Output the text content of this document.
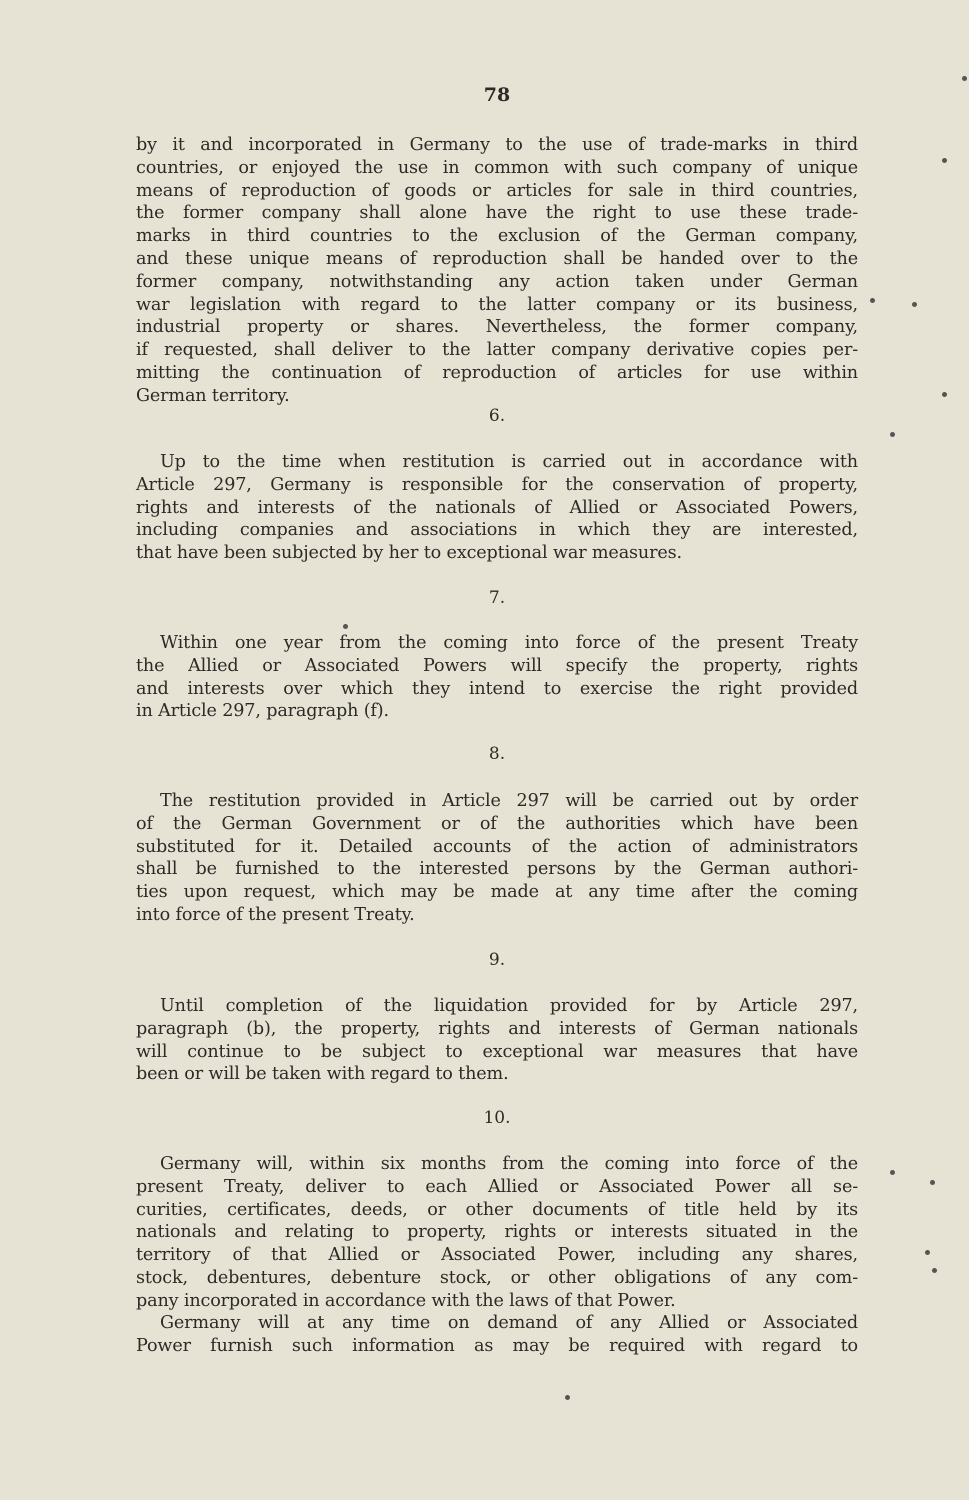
78
by it and incorporated in Germany to the use of trade-marks in third
countries, or enjoyed the use in common with such company of unique
means of reproduction of goods or articles for sale in third countries,
the former company shall alone have the right to use these trade-
marks in third countries to the exclusion of the German company,
and these unique means of reproduction shall be handed over to the
former company, notwithstanding any action taken under German
war legislation with regard to the latter company or its business,
industrial property or shares. Nevertheless, the former company,
if requested, shall deliver to the latter company derivative copies per-
mitting the continuation of reproduction of articles for use within
German territory.
6.
Up to the time when restitution is carried out in accordance with
Article 297, Germany is responsible for the conservation of property,
rights and interests of the nationals of Allied or Associated Powers,
including companies and associations in which they are interested,
that have been subjected by her to exceptional war measures.
7.
Within one year from the coming into force of the present Treaty
the Allied or Associated Powers will specify the property, rights
and interests over which they intend to exercise the right provided
in Article 297, paragraph (f).
8.
The restitution provided in Article 297 will be carried out by order
of the German Government or of the authorities which have been
substituted for it. Detailed accounts of the action of administrators
shall be furnished to the interested persons by the German authori-
ties upon request, which may be made at any time after the coming
into force of the present Treaty.
9.
Until completion of the liquidation provided for by Article 297,
paragraph (b), the property, rights and interests of German nationals
will continue to be subject to exceptional war measures that have
been or will be taken with regard to them.
10.
Germany will, within six months from the coming into force of the
present Treaty, deliver to each Allied or Associated Power all se-
curities, certificates, deeds, or other documents of title held by its
nationals and relating to property, rights or interests situated in the
territory of that Allied or Associated Power, including any shares,
stock, debentures, debenture stock, or other obligations of any com-
pany incorporated in accordance with the laws of that Power.
Germany will at any time on demand of any Allied or Associated
Power furnish such information as may be required with regard to
